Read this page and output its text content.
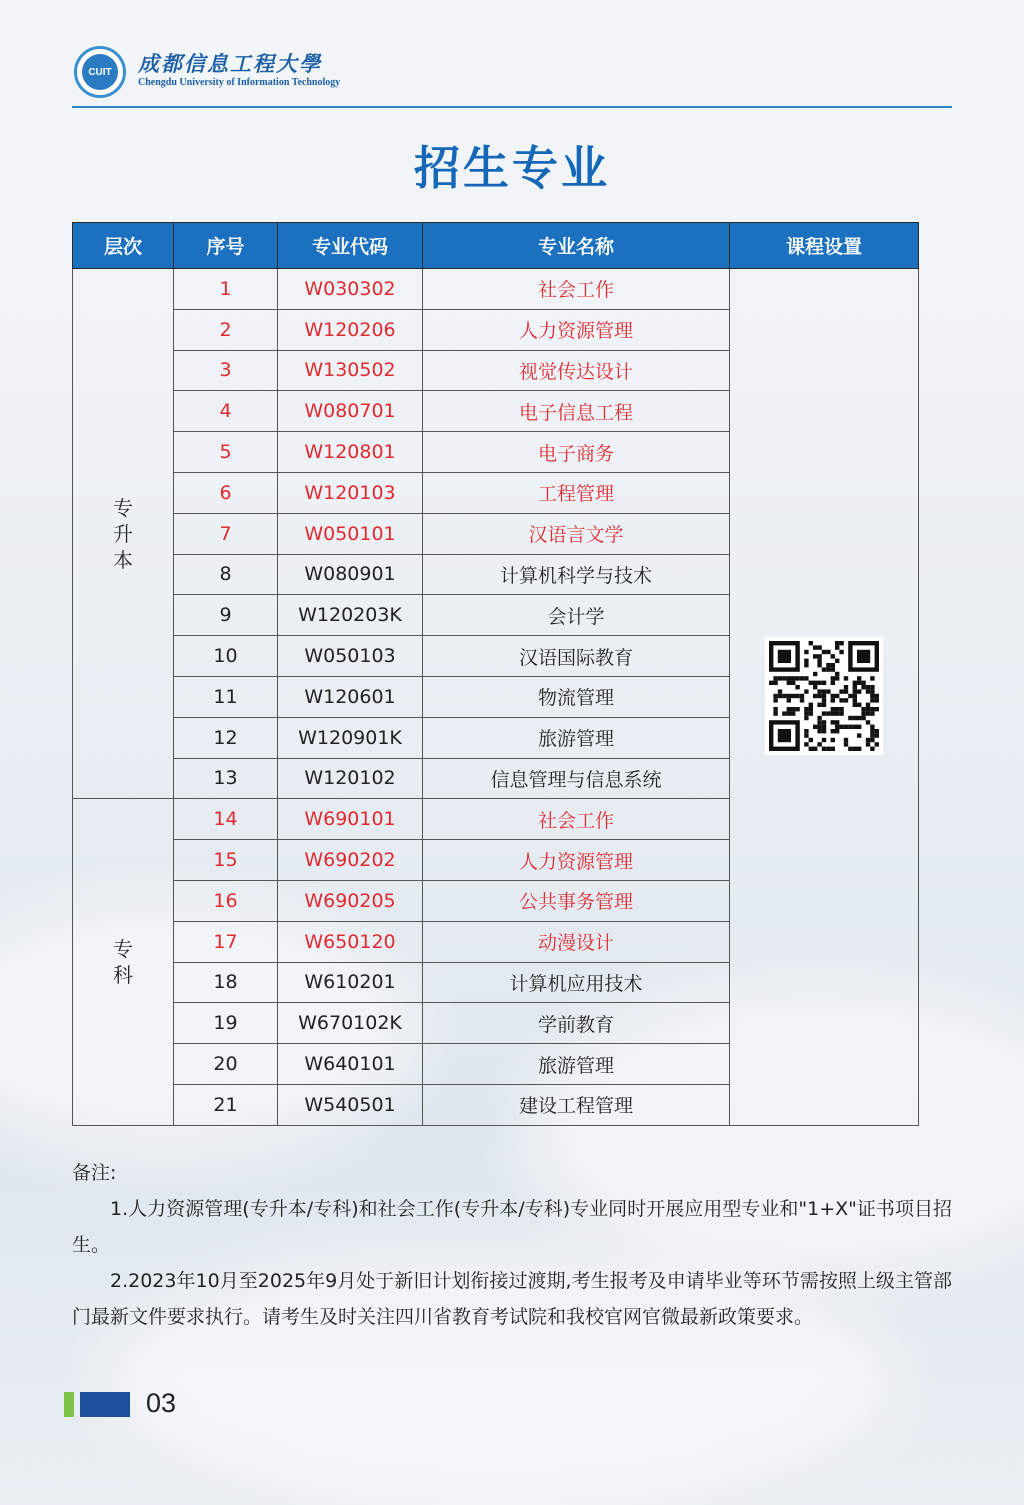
CUIT	成都信息工程大學
Chengdu University of Information Technology
招生专业
层次	序号	专业代码	专业名称	课程设置
专升本	1	W030302	社会工作	
	2	W120206	人力资源管理	
	3	W130502	视觉传达设计	
	4	W080701	电子信息工程	
	5	W120801	电子商务	
	6	W120103	工程管理	
	7	W050101	汉语言文学	
	8	W080901	计算机科学与技术	
	9	W120203K	会计学	
	10	W050103	汉语国际教育	
	11	W120601	物流管理	
	12	W120901K	旅游管理	
	13	W120102	信息管理与信息系统	
专科	14	W690101	社会工作	
	15	W690202	人力资源管理	
	16	W690205	公共事务管理	
	17	W650120	动漫设计	
	18	W610201	计算机应用技术	
	19	W670102K	学前教育	
	20	W640101	旅游管理	
	21	W540501	建设工程管理	
备注:
1.人力资源管理(专升本/专科)和社会工作(专升本/专科)专业同时开展应用型专业和"1+X"证书项目招生。
2.2023年10月至2025年9月处于新旧计划衔接过渡期,考生报考及申请毕业等环节需按照上级主管部门最新文件要求执行。请考生及时关注四川省教育考试院和我校官网官微最新政策要求。
03
